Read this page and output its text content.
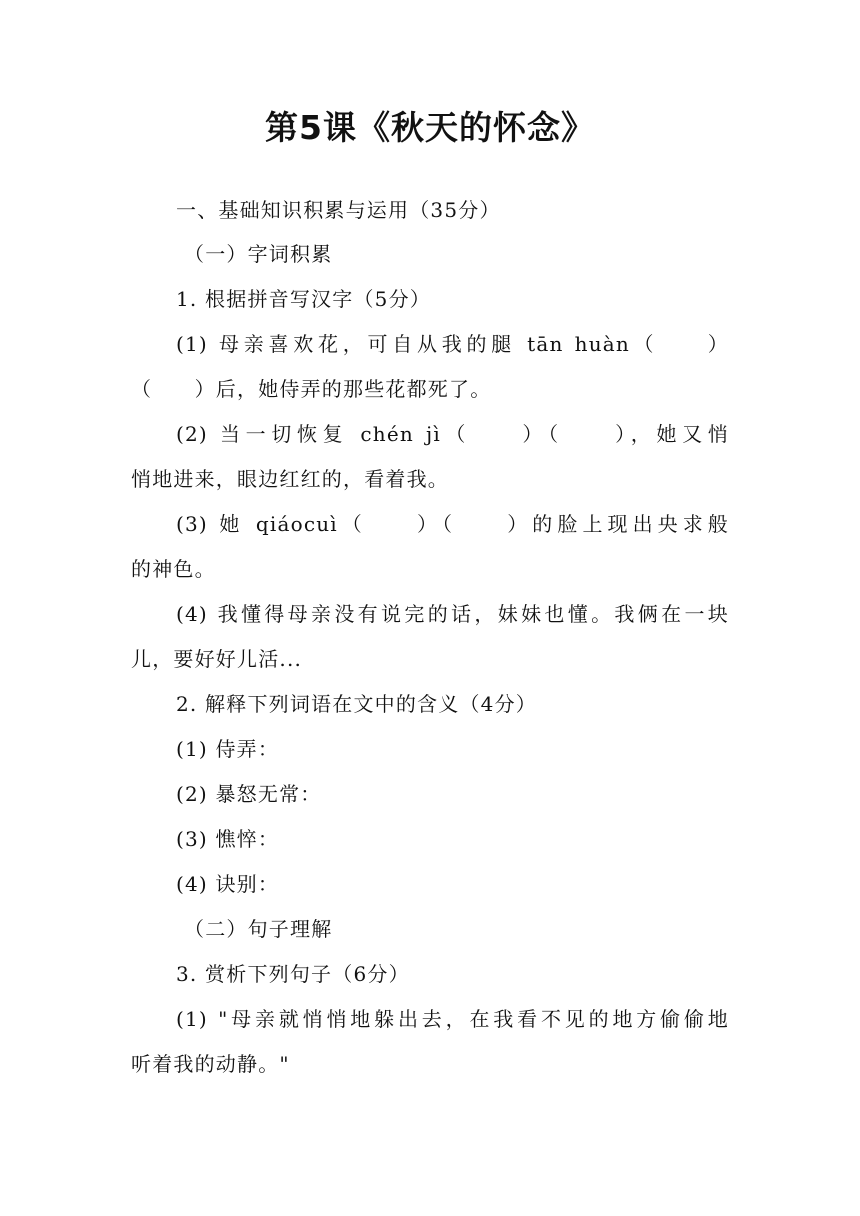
第5课《秋天的怀念》
一、基础知识积累与运用（35分）
（一）字词积累
1. 根据拼音写汉字（5分）
(1) 母亲喜欢花，可自从我的腿 tān huàn（　　）
（　　）后，她侍弄的那些花都死了。
(2) 当一切恢复 chén jì（　　）（　　），她又悄
悄地进来，眼边红红的，看着我。
(3) 她 qiáocuì（　　）（　　）的脸上现出央求般
的神色。
(4) 我懂得母亲没有说完的话，妹妹也懂。我俩在一块
儿，要好好儿活...
2. 解释下列词语在文中的含义（4分）
(1) 侍弄：
(2) 暴怒无常：
(3) 憔悴：
(4) 诀别：
（二）句子理解
3. 赏析下列句子（6分）
(1) "母亲就悄悄地躲出去，在我看不见的地方偷偷地
听着我的动静。"
